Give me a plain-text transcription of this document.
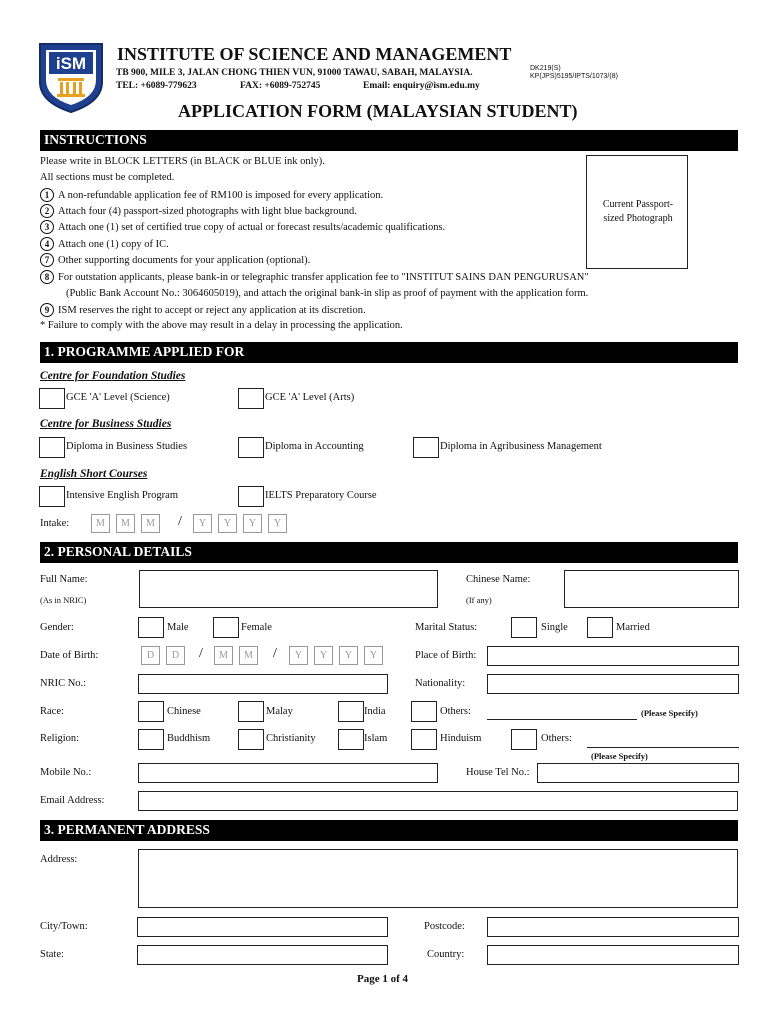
iSM INSTITUTE OF SCIENCE AND MANAGEMENT
TB 900, MILE 3, JALAN CHONG THIEN VUN, 91000 TAWAU, SABAH, MALAYSIA.
TEL: +6089-779623	FAX: +6089-752745	Email: enquiry@ism.edu.my
DK219(S)
KP(JPS)5195/IPTS/1073/(8)
APPLICATION FORM (MALAYSIAN STUDENT)
INSTRUCTIONS
Please write in BLOCK LETTERS (in BLACK or BLUE ink only).
All sections must be completed.
1 A non-refundable application fee of RM100 is imposed for every application.
2 Attach four (4) passport-sized photographs with light blue background.
3 Attach one (1) set of certified true copy of actual or forecast results/academic qualifications.
4 Attach one (1) copy of IC.
7 Other supporting documents for your application (optional).
8 For outstation applicants, please bank-in or telegraphic transfer application fee to "INSTITUT SAINS DAN PENGURUSAN"
(Public Bank Account No.: 3064605019), and attach the original bank-in slip as proof of payment with the application form.
9 ISM reserves the right to accept or reject any application at its discretion.
* Failure to comply with the above may result in a delay in processing the application.
Current Passport-sized Photograph
1. PROGRAMME APPLIED FOR
Centre for Foundation Studies
GCE 'A' Level (Science)	GCE 'A' Level (Arts)
Centre for Business Studies
Diploma in Business Studies	Diploma in Accounting	Diploma in Agribusiness Management
English Short Courses
Intensive English Program	IELTS Preparatory Course
Intake:	M	M	M	/	Y	Y	Y	Y
2. PERSONAL DETAILS
Full Name:
(As in NRIC)
Chinese Name:
(If any)
Gender:	Male	Female	Marital Status:	Single	Married
Date of Birth:	D	D	/	M	M	/	Y	Y	Y	Y	Place of Birth:
NRIC No.:	Nationality:
Race:	Chinese	Malay	India	Others:	(Please Specify)
Religion:	Buddhism	Christianity	Islam	Hinduism	Others:
(Please Specify)
Mobile No.:	House Tel No.:
Email Address:
3. PERMANENT ADDRESS
Address:
City/Town:	Postcode:
State:	Country:
Page 1 of 4
